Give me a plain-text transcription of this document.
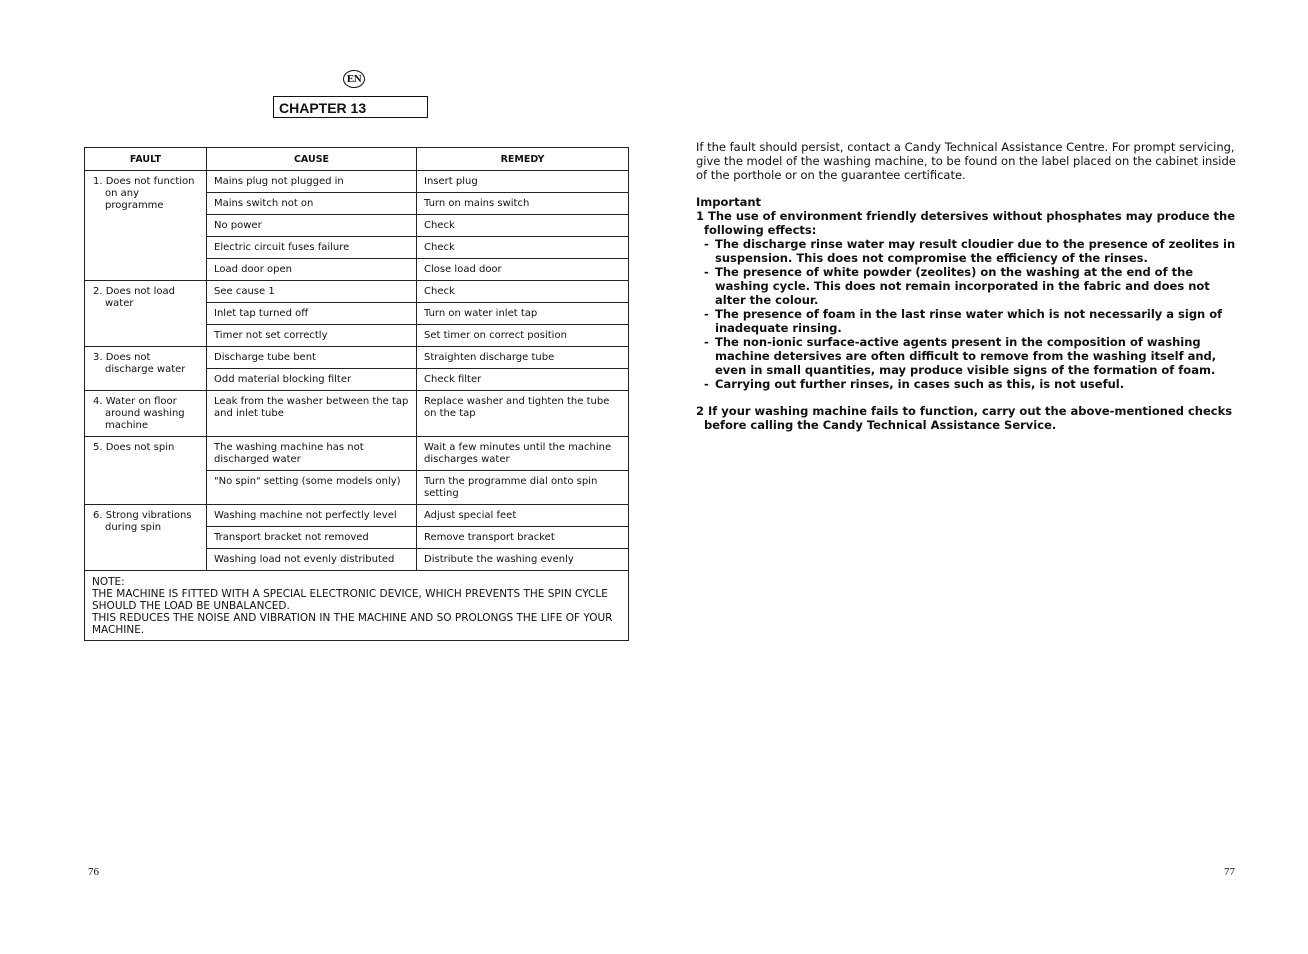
EN
CHAPTER 13
FAULT	CAUSE	REMEDY

1. Does not function on any programme	Mains plug not plugged in	Insert plug
	Mains switch not on	Turn on mains switch
	No power	Check
	Electric circuit fuses failure	Check
	Load door open	Close load door

2. Does not load water	See cause 1	Check
	Inlet tap turned off	Turn on water inlet tap
	Timer not set correctly	Set timer on correct position

3. Does not discharge water	Discharge tube bent	Straighten discharge tube
	Odd material blocking filter	Check filter

4. Water on floor around washing machine	Leak from the washer between the tap and inlet tube	Replace washer and tighten the tube on the tap

5. Does not spin	The washing machine has not discharged water	Wait a few minutes until the machine discharges water
	"No spin" setting (some models only)	Turn the programme dial onto spin setting

6. Strong vibrations during spin	Washing machine not perfectly level	Adjust special feet
	Transport bracket not removed	Remove transport bracket
	Washing load not evenly distributed	Distribute the washing evenly

NOTE:
THE MACHINE IS FITTED WITH A SPECIAL ELECTRONIC DEVICE, WHICH PREVENTS THE SPIN CYCLE SHOULD THE LOAD BE UNBALANCED.
THIS REDUCES THE NOISE AND VIBRATION IN THE MACHINE AND SO PROLONGS THE LIFE OF YOUR MACHINE.		

If the fault should persist, contact a Candy Technical Assistance Centre. For prompt servicing, give the model of the washing machine, to be found on the label placed on the cabinet inside of the porthole or on the guarantee certificate.

Important

1 The use of environment friendly detersives without phosphates may produce the following effects:

- The discharge rinse water may result cloudier due to the presence of zeolites in suspension. This does not compromise the efficiency of the rinses.
- The presence of white powder (zeolites) on the washing at the end of the washing cycle. This does not remain incorporated in the fabric and does not alter the colour.
- The presence of foam in the last rinse water which is not necessarily a sign of inadequate rinsing.
- The non-ionic surface-active agents present in the composition of washing machine detersives are often difficult to remove from the washing itself and, even in small quantities, may produce visible signs of the formation of foam.
- Carrying out further rinses, in cases such as this, is not useful.

2 If your washing machine fails to function, carry out the above-mentioned checks before calling the Candy Technical Assistance Service.

76	77
